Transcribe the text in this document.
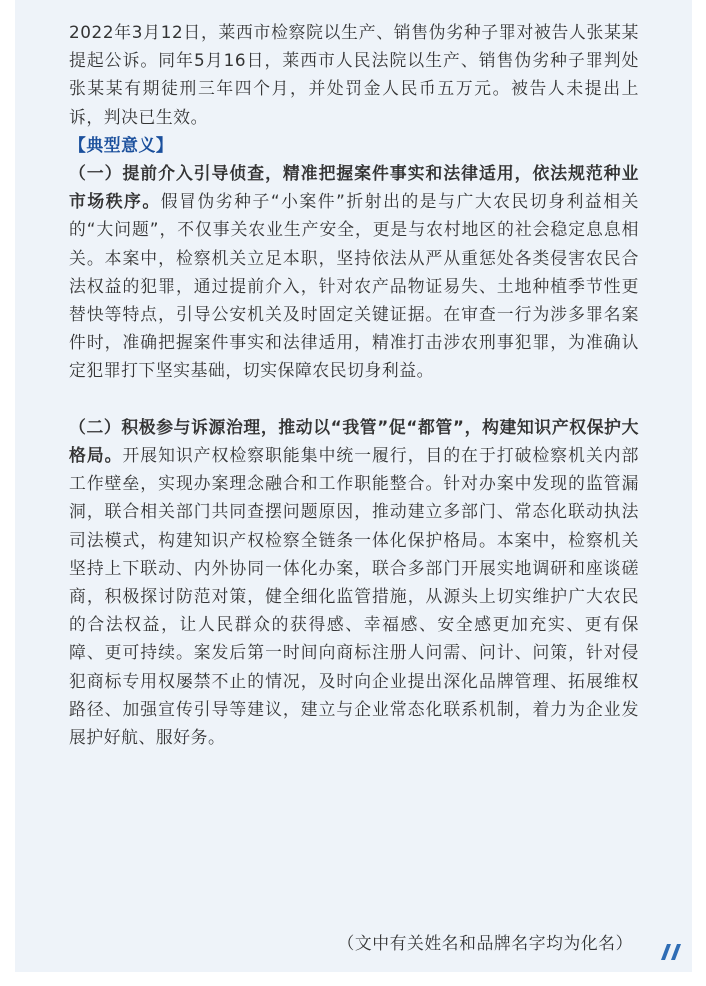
2022年3月12日，莱西市检察院以生产、销售伪劣种子罪对被告人张某某提起公诉。同年5月16日，莱西市人民法院以生产、销售伪劣种子罪判处张某某有期徒刑三年四个月，并处罚金人民币五万元。被告人未提出上诉，判决已生效。

【典型意义】

（一）提前介入引导侦查，精准把握案件事实和法律适用，依法规范种业市场秩序。假冒伪劣种子“小案件”折射出的是与广大农民切身利益相关的“大问题”，不仅事关农业生产安全，更是与农村地区的社会稳定息息相关。本案中，检察机关立足本职，坚持依法从严从重惩处各类侵害农民合法权益的犯罪，通过提前介入，针对农产品物证易失、土地种植季节性更替快等特点，引导公安机关及时固定关键证据。在审查一行为涉多罪名案件时，准确把握案件事实和法律适用，精准打击涉农刑事犯罪，为准确认定犯罪打下坚实基础，切实保障农民切身利益。

（二）积极参与诉源治理，推动以“我管”促“都管”，构建知识产权保护大格局。开展知识产权检察职能集中统一履行，目的在于打破检察机关内部工作壁垒，实现办案理念融合和工作职能整合。针对办案中发现的监管漏洞，联合相关部门共同查摆问题原因，推动建立多部门、常态化联动执法司法模式，构建知识产权检察全链条一体化保护格局。本案中，检察机关坚持上下联动、内外协同一体化办案，联合多部门开展实地调研和座谈磋商，积极探讨防范对策，健全细化监管措施，从源头上切实维护广大农民的合法权益，让人民群众的获得感、幸福感、安全感更加充实、更有保障、更可持续。案发后第一时间向商标注册人问需、问计、问策，针对侵犯商标专用权屡禁不止的情况，及时向企业提出深化品牌管理、拓展维权路径、加强宣传引导等建议，建立与企业常态化联系机制，着力为企业发展护好航、服好务。

（文中有关姓名和品牌名字均为化名）
